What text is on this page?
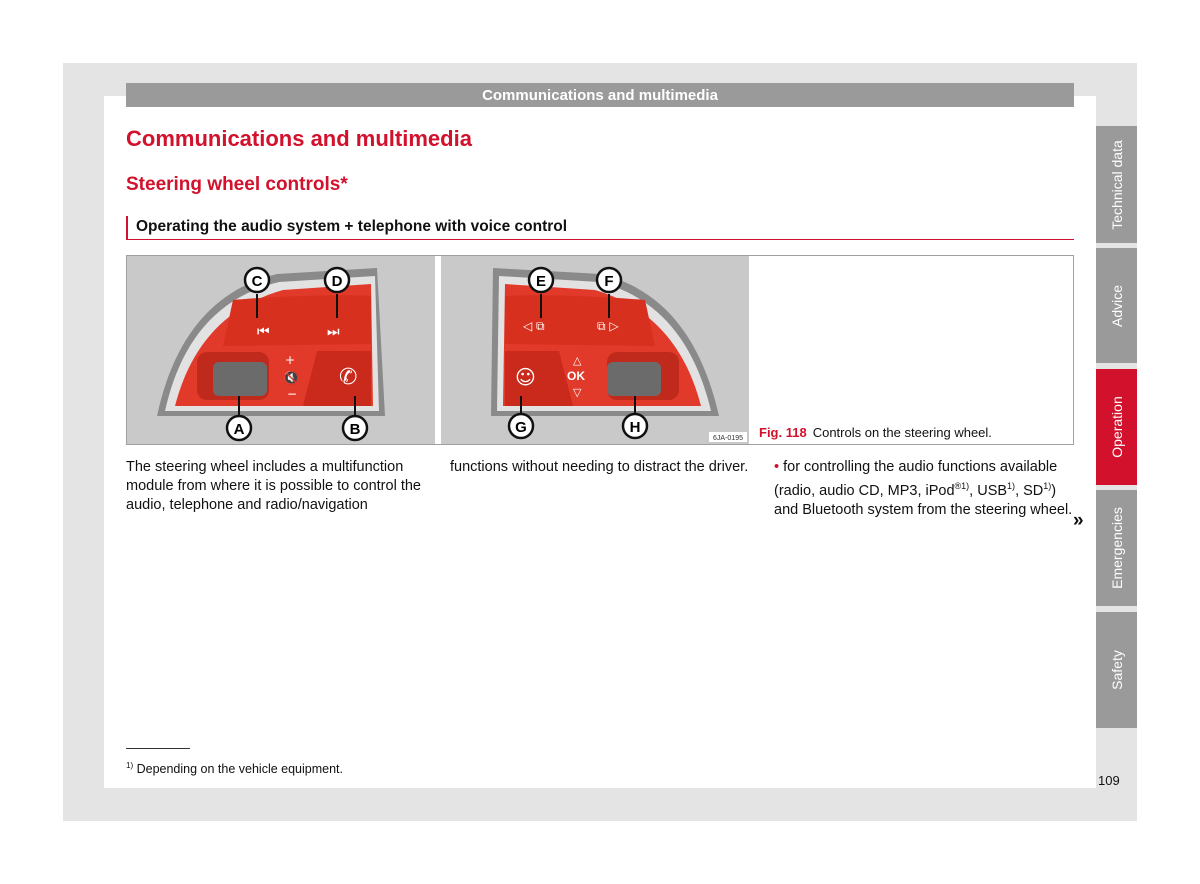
Communications and multimedia
Communications and multimedia
Steering wheel controls*
Operating the audio system + telephone with voice control
⏮	⏭
+
🔇
−
✆
C	D
A	B
◁ ⧉	⧉ ▷
☺
△
OK
▽
E	F
G	H
6JA-0195 Fig. 118 Controls on the steering wheel.
The steering wheel includes a multifunction module from where it is possible to control the audio, telephone and radio/navigation
functions without needing to distract the driver. • for controlling the audio functions available (radio, audio CD, MP3, iPod$^{®1)}$, USB$^{1)}$, SD$^{1)}$) and Bluetooth system from the steering wheel.
»
$^{1)}$ Depending on the vehicle equipment.
109
Technical data
Advice
Operation
Emergencies
Safety
